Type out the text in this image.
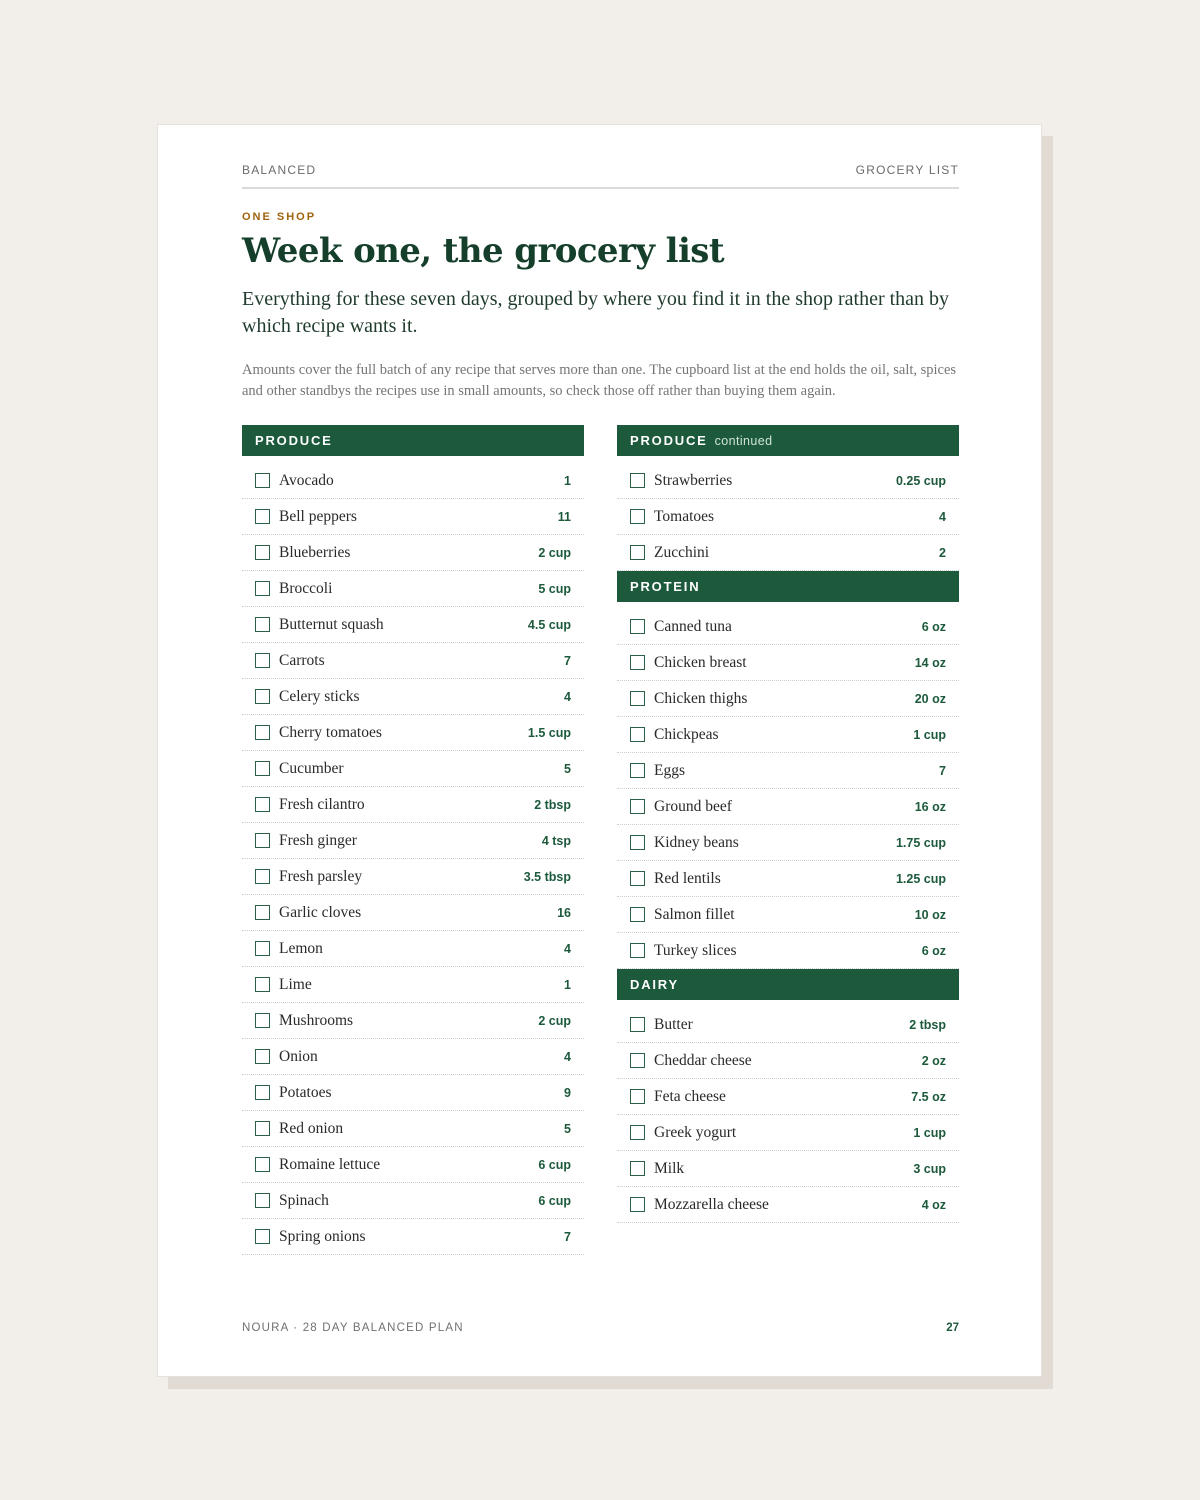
BALANCED	GROCERY LIST
ONE SHOP
Week one, the grocery list

Everything for these seven days, grouped by where you find it in the shop rather than by which recipe wants it.

Amounts cover the full batch of any recipe that serves more than one. The cupboard list at the end holds the oil, salt, spices and other standbys the recipes use in small amounts, so check those off rather than buying them again.

PRODUCE
Avocado	1
Bell peppers	11
Blueberries	2 cup
Broccoli	5 cup
Butternut squash	4.5 cup
Carrots	7
Celery sticks	4
Cherry tomatoes	1.5 cup
Cucumber	5
Fresh cilantro	2 tbsp
Fresh ginger	4 tsp
Fresh parsley	3.5 tbsp
Garlic cloves	16
Lemon	4
Lime	1
Mushrooms	2 cup
Onion	4
Potatoes	9
Red onion	5
Romaine lettuce	6 cup
Spinach	6 cup
Spring onions	7
PRODUCE continued
Strawberries	0.25 cup
Tomatoes	4
Zucchini	2
PROTEIN
Canned tuna	6 oz
Chicken breast	14 oz
Chicken thighs	20 oz
Chickpeas	1 cup
Eggs	7
Ground beef	16 oz
Kidney beans	1.75 cup
Red lentils	1.25 cup
Salmon fillet	10 oz
Turkey slices	6 oz
DAIRY
Butter	2 tbsp
Cheddar cheese	2 oz
Feta cheese	7.5 oz
Greek yogurt	1 cup
Milk	3 cup
Mozzarella cheese	4 oz
NOURA · 28 DAY BALANCED PLAN	27
